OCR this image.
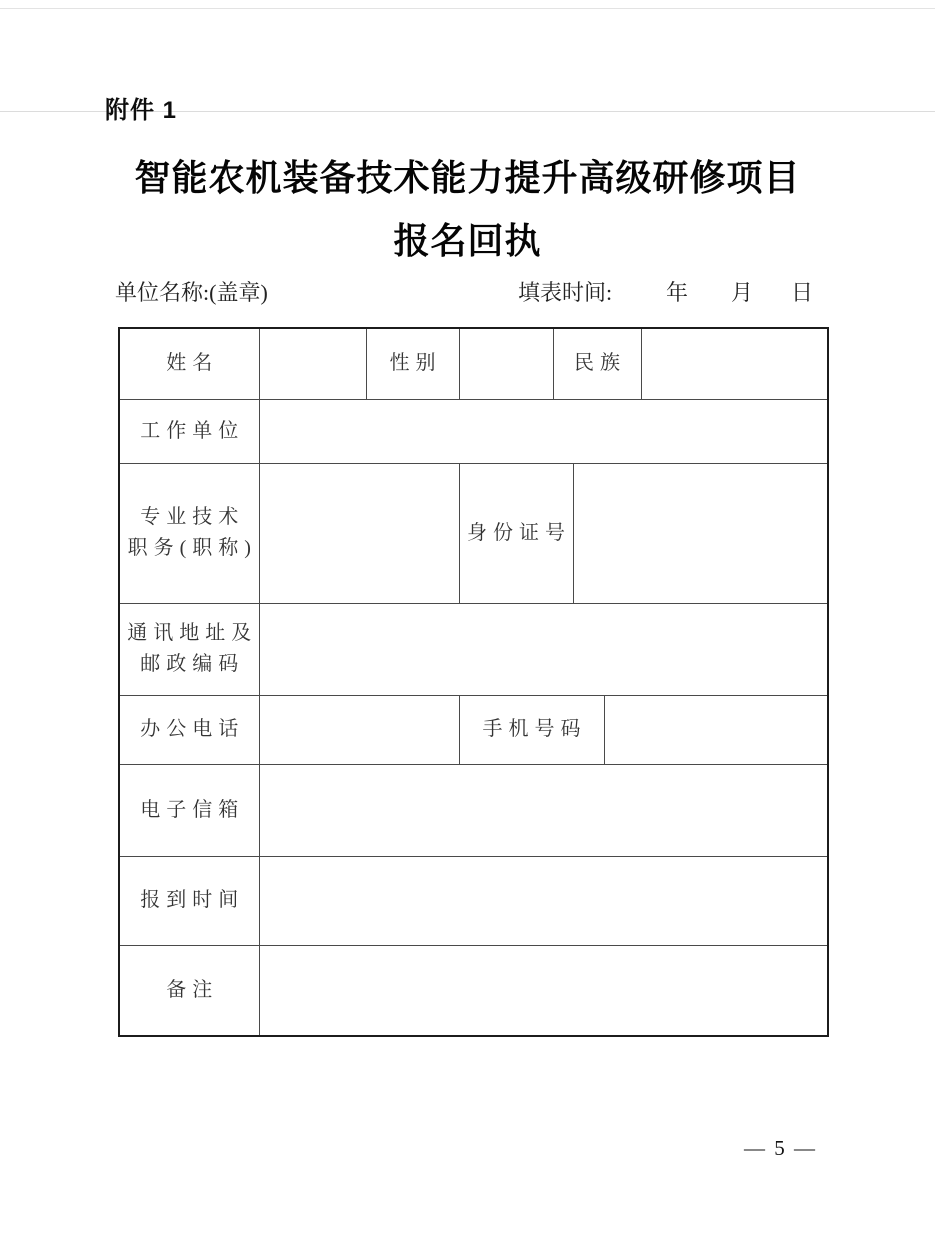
附件 1
智能农机装备技术能力提升高级研修项目
报名回执
单位名称:(盖章)	填表时间: 年 月 日
姓名		性别		民族			
工作单位							

专业技术
职务(职称)			身份证号				

通讯地址及
邮政编码							

办公电话			手机号码				
电子信箱							
报到时间							
备注							
— 5 —
